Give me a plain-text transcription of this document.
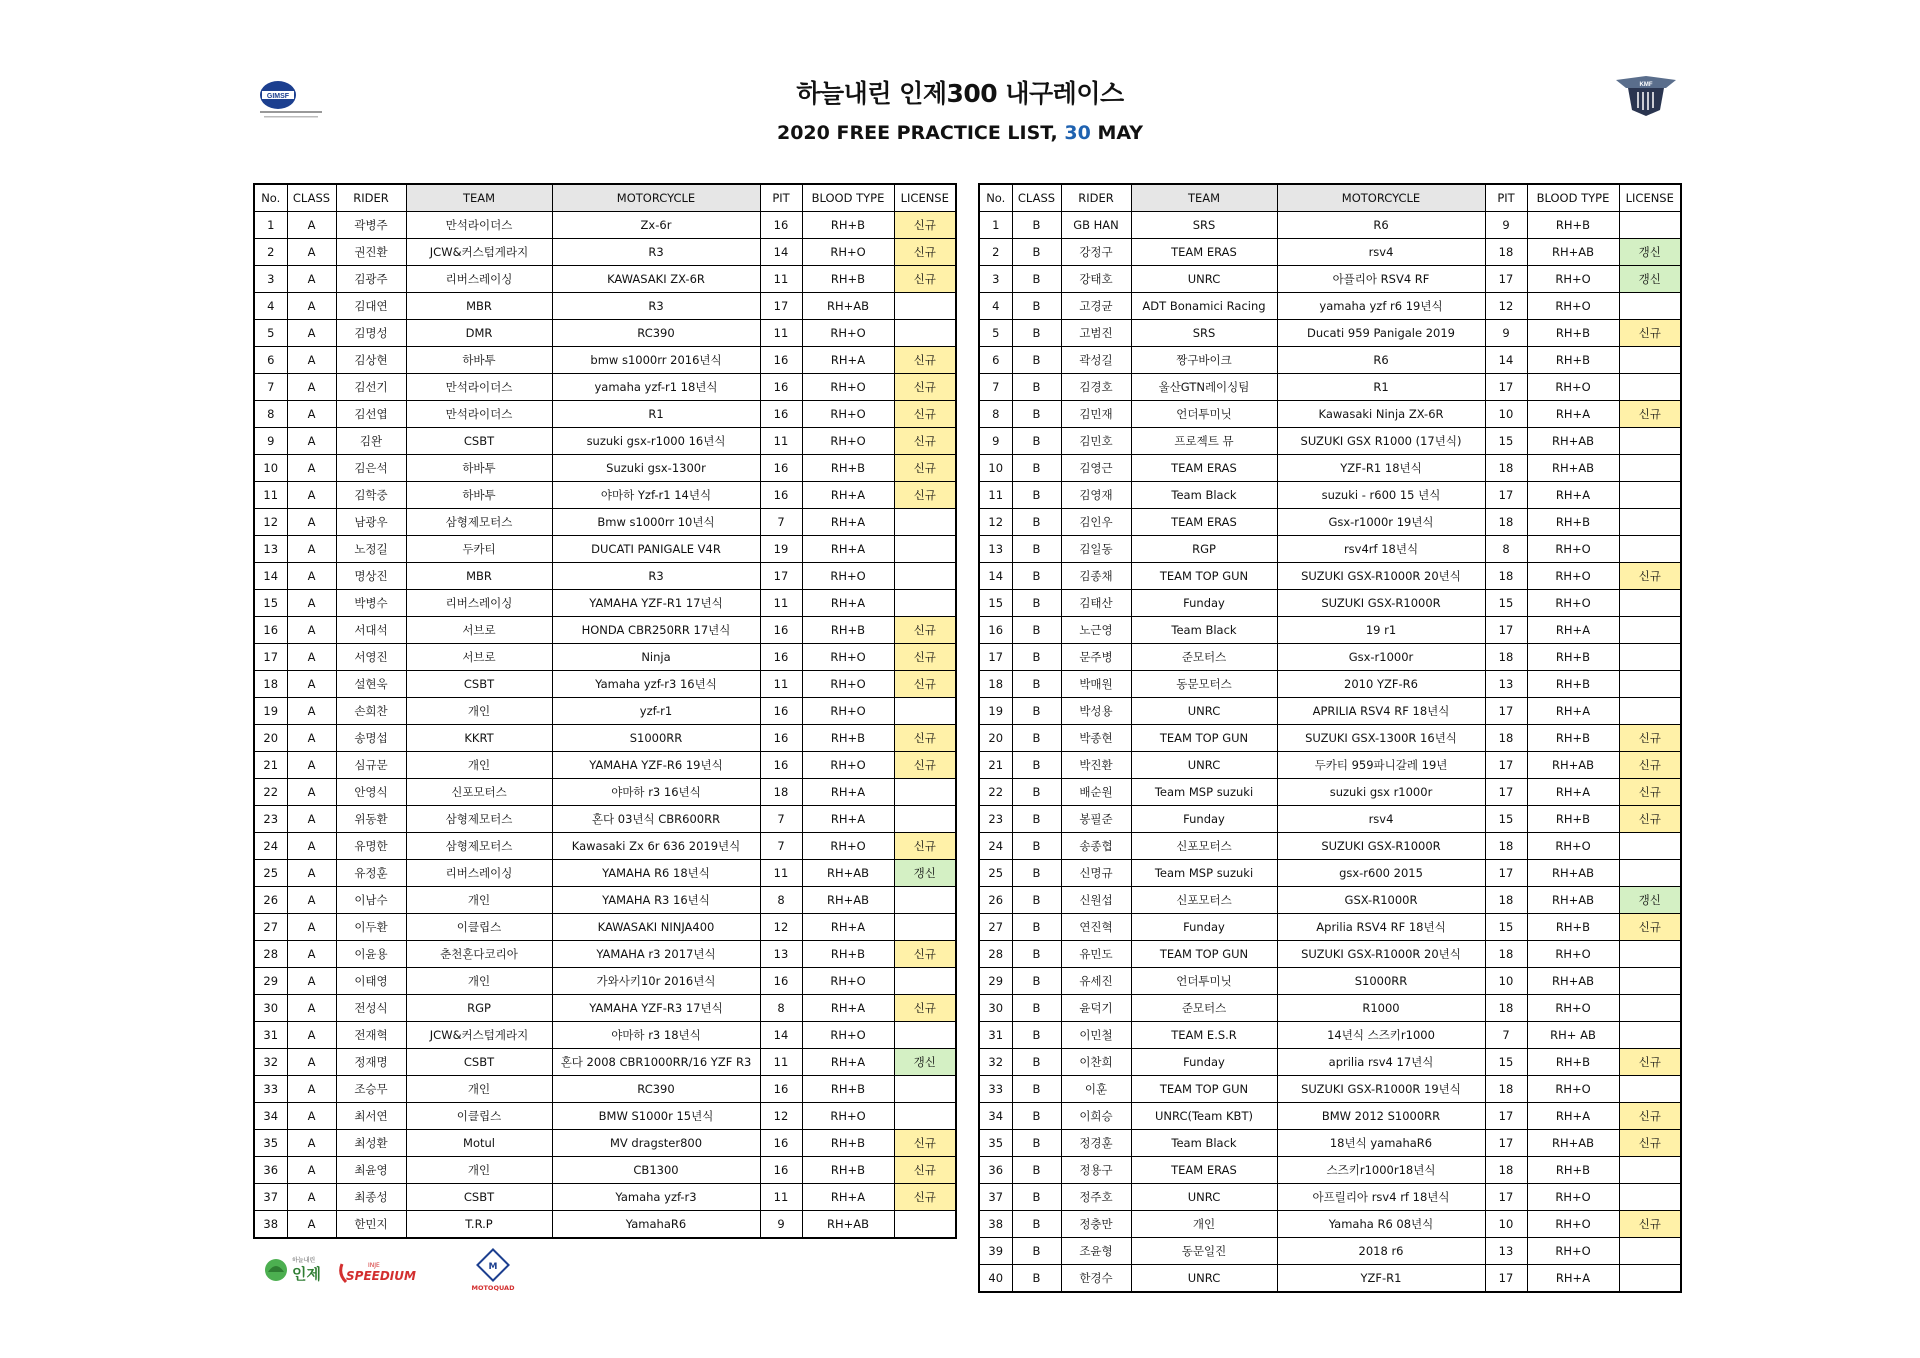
GIMSF	하늘내린 인제300 내구레이스
2020 FREE PRACTICE LIST, 30 MAY
KMF
No.	CLASS	RIDER	TEAM	MOTORCYCLE	PIT	BLOOD TYPE	LICENSE
1	A	곽병주	만석라이더스	Zx-6r	16	RH+B	신규
2	A	권진환	JCW&커스텀게라지	R3	14	RH+O	신규
3	A	김광주	리버스레이싱	KAWASAKI ZX-6R	11	RH+B	신규
4	A	김대연	MBR	R3	17	RH+AB	
5	A	김명성	DMR	RC390	11	RH+O	
6	A	김상현	하바투	bmw s1000rr 2016년식	16	RH+A	신규
7	A	김선기	만석라이더스	yamaha yzf-r1 18년식	16	RH+O	신규
8	A	김선엽	만석라이더스	R1	16	RH+O	신규
9	A	김완	CSBT	suzuki gsx-r1000 16년식	11	RH+O	신규
10	A	김은석	하바투	Suzuki gsx-1300r	16	RH+B	신규
11	A	김학중	하바투	야마하 Yzf-r1 14년식	16	RH+A	신규
12	A	남광우	삼형제모터스	Bmw s1000rr 10년식	7	RH+A	
13	A	노정길	두카티	DUCATI PANIGALE V4R	19	RH+A	
14	A	명상진	MBR	R3	17	RH+O	
15	A	박병수	리버스레이싱	YAMAHA YZF-R1 17년식	11	RH+A	
16	A	서대석	서브로	HONDA CBR250RR 17년식	16	RH+B	신규
17	A	서영진	서브로	Ninja	16	RH+O	신규
18	A	설현욱	CSBT	Yamaha yzf-r3 16년식	11	RH+O	신규
19	A	손희찬	개인	yzf-r1	16	RH+O	
20	A	송명섭	KKRT	S1000RR	16	RH+B	신규
21	A	심규문	개인	YAMAHA YZF-R6 19년식	16	RH+O	신규
22	A	안영식	신포모터스	야마하 r3 16년식	18	RH+A	
23	A	위동환	삼형제모터스	혼다 03년식 CBR600RR	7	RH+A	
24	A	유명한	삼형제모터스	Kawasaki Zx 6r 636 2019년식	7	RH+O	신규
25	A	유정훈	리버스레이싱	YAMAHA R6 18년식	11	RH+AB	갱신
26	A	이남수	개인	YAMAHA R3 16년식	8	RH+AB	
27	A	이두환	이클립스	KAWASAKI NINJA400	12	RH+A	
28	A	이윤용	춘천혼다코리아	YAMAHA r3 2017년식	13	RH+B	신규
29	A	이태영	개인	가와사키10r 2016년식	16	RH+O	
30	A	전성식	RGP	YAMAHA YZF-R3 17년식	8	RH+A	신규
31	A	전재혁	JCW&커스텀게라지	야마하 r3 18년식	14	RH+O	
32	A	정재명	CSBT	혼다 2008 CBR1000RR/16 YZF R3	11	RH+A	갱신
33	A	조승무	개인	RC390	16	RH+B	
34	A	최서연	이클립스	BMW S1000r 15년식	12	RH+O	
35	A	최성환	Motul	MV dragster800	16	RH+B	신규
36	A	최윤영	개인	CB1300	16	RH+B	신규
37	A	최종성	CSBT	Yamaha yzf-r3	11	RH+A	신규
38	A	한민지	T.R.P	YamahaR6	9	RH+AB	
No.	CLASS	RIDER	TEAM	MOTORCYCLE	PIT	BLOOD TYPE	LICENSE
1	B	GB HAN	SRS	R6	9	RH+B	
2	B	강정구	TEAM ERAS	rsv4	18	RH+AB	갱신
3	B	강태호	UNRC	아플리아 RSV4 RF	17	RH+O	갱신
4	B	고경균	ADT Bonamici Racing	yamaha yzf r6 19년식	12	RH+O	
5	B	고범진	SRS	Ducati 959 Panigale 2019	9	RH+B	신규
6	B	곽성길	짱구바이크	R6	14	RH+B	
7	B	김경호	울산GTN레이싱팀	R1	17	RH+O	
8	B	김민재	언더투미닛	Kawasaki Ninja ZX-6R	10	RH+A	신규
9	B	김민호	프로젝트 뮤	SUZUKI GSX R1000 (17년식)	15	RH+AB	
10	B	김영근	TEAM ERAS	YZF-R1 18년식	18	RH+AB	
11	B	김영재	Team Black	suzuki - r600 15 년식	17	RH+A	
12	B	김인우	TEAM ERAS	Gsx-r1000r 19년식	18	RH+B	
13	B	김일동	RGP	rsv4rf 18년식	8	RH+O	
14	B	김종채	TEAM TOP GUN	SUZUKI GSX-R1000R 20년식	18	RH+O	신규
15	B	김태산	Funday	SUZUKI GSX-R1000R	15	RH+O	
16	B	노근영	Team Black	19 r1	17	RH+A	
17	B	문주병	준모터스	Gsx-r1000r	18	RH+B	
18	B	박매원	동문모터스	2010 YZF-R6	13	RH+B	
19	B	박성용	UNRC	APRILIA RSV4 RF 18년식	17	RH+A	
20	B	박종현	TEAM TOP GUN	SUZUKI GSX-1300R 16년식	18	RH+B	신규
21	B	박진환	UNRC	두카티 959파니갈레 19년	17	RH+AB	신규
22	B	배순원	Team MSP suzuki	suzuki gsx r1000r	17	RH+A	신규
23	B	봉필준	Funday	rsv4	15	RH+B	신규
24	B	송종협	신포모터스	SUZUKI GSX-R1000R	18	RH+O	
25	B	신명규	Team MSP suzuki	gsx-r600 2015	17	RH+AB	
26	B	신원섭	신포모터스	GSX-R1000R	18	RH+AB	갱신
27	B	연진혁	Funday	Aprilia RSV4 RF 18년식	15	RH+B	신규
28	B	유민도	TEAM TOP GUN	SUZUKI GSX-R1000R 20년식	18	RH+O	
29	B	유세진	언더투미닛	S1000RR	10	RH+AB	
30	B	윤덕기	준모터스	R1000	18	RH+O	
31	B	이민철	TEAM E.S.R	14년식 스즈키r1000	7	RH+ AB	
32	B	이찬희	Funday	aprilia rsv4 17년식	15	RH+B	신규
33	B	이훈	TEAM TOP GUN	SUZUKI GSX-R1000R 19년식	18	RH+O	
34	B	이희승	UNRC(Team KBT)	BMW 2012 S1000RR	17	RH+A	신규
35	B	정경훈	Team Black	18년식 yamahaR6	17	RH+AB	신규
36	B	정용구	TEAM ERAS	스즈키r1000r18년식	18	RH+B	
37	B	정주호	UNRC	아프릴리아 rsv4 rf 18년식	17	RH+O	
38	B	정충만	개인	Yamaha R6 08년식	10	RH+O	신규
39	B	조윤형	동문일진	2018 r6	13	RH+O	
40	B	한경수	UNRC	YZF-R1	17	RH+A	
하늘내린
인제 SPEEDIUM
INJE	M
MOTOQUAD
